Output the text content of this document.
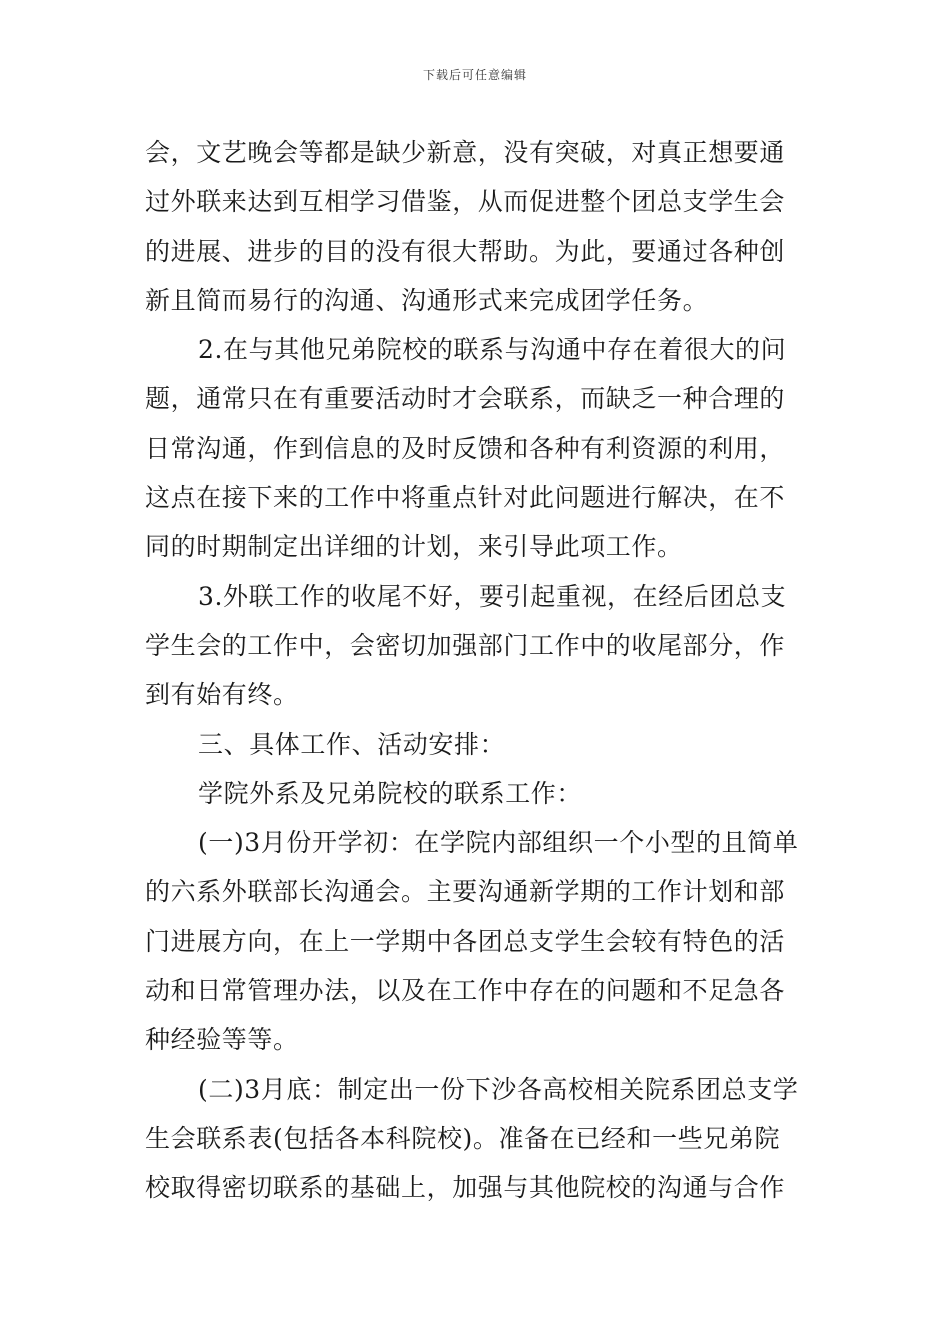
下载后可任意编辑
会，文艺晚会等都是缺少新意，没有突破，对真正想要通
过外联来达到互相学习借鉴，从而促进整个团总支学生会
的进展、进步的目的没有很大帮助。为此，要通过各种创
新且简而易行的沟通、沟通形式来完成团学任务。
2.在与其他兄弟院校的联系与沟通中存在着很大的问
题，通常只在有重要活动时才会联系，而缺乏一种合理的
日常沟通，作到信息的及时反馈和各种有利资源的利用，
这点在接下来的工作中将重点针对此问题进行解决，在不
同的时期制定出详细的计划，来引导此项工作。
3.外联工作的收尾不好，要引起重视，在经后团总支
学生会的工作中，会密切加强部门工作中的收尾部分，作
到有始有终。
三、具体工作、活动安排：
学院外系及兄弟院校的联系工作：
(一)3月份开学初：在学院内部组织一个小型的且简单
的六系外联部长沟通会。主要沟通新学期的工作计划和部
门进展方向，在上一学期中各团总支学生会较有特色的活
动和日常管理办法，以及在工作中存在的问题和不足急各
种经验等等。
(二)3月底：制定出一份下沙各高校相关院系团总支学
生会联系表(包括各本科院校)。准备在已经和一些兄弟院
校取得密切联系的基础上，加强与其他院校的沟通与合作
